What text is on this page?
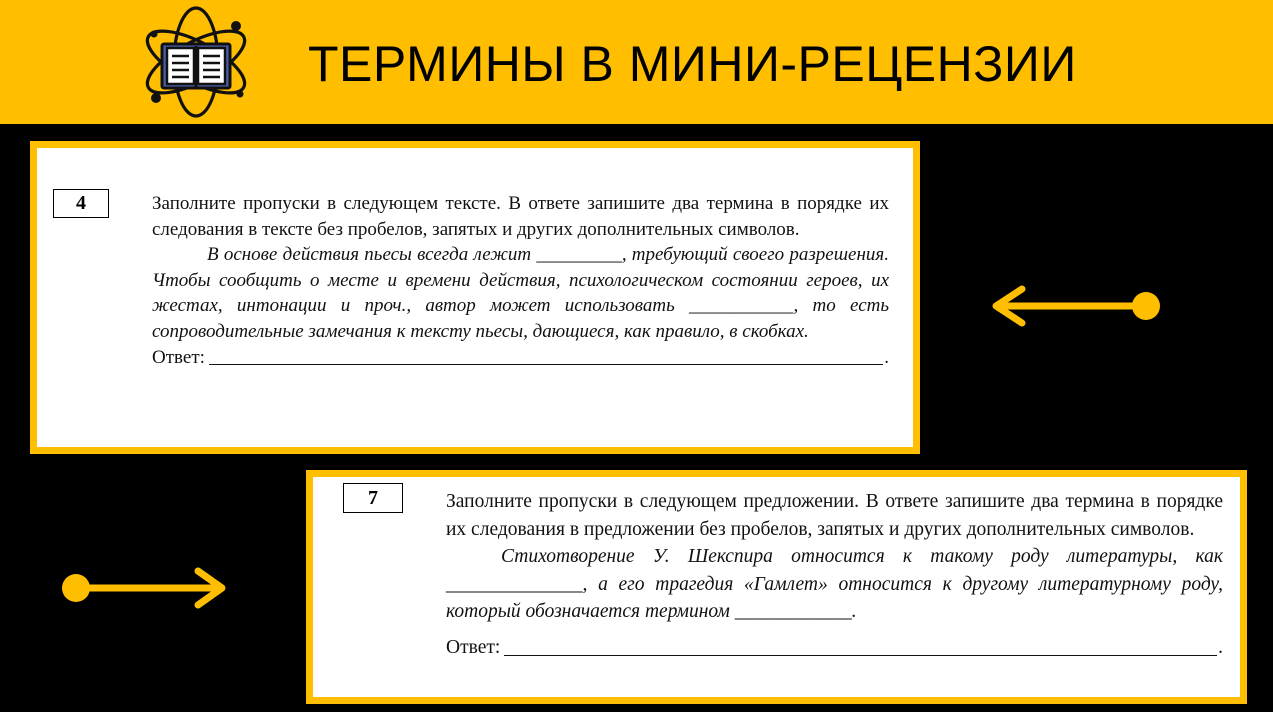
ТЕРМИНЫ В МИНИ-РЕЦЕНЗИИ
4	Заполните пропуски в следующем тексте. В ответе запишите два термина в порядке их следования в тексте без пробелов, запятых и других дополнительных символов.

В основе действия пьесы всегда лежит _________, требующий своего разрешения. Чтобы сообщить о месте и времени действия, психологическом состоянии героев, их жестах, интонации и проч., автор может использовать ___________, то есть сопроводительные замечания к тексту пьесы, дающиеся, как правило, в скобках.

Ответ:	.
7	Заполните пропуски в следующем предложении. В ответе запишите два термина в порядке их следования в предложении без пробелов, запятых и других дополнительных символов.

Стихотворение У. Шекспира относится к такому роду литературы, как ______________, а его трагедия «Гамлет» относится к другому литературному роду, который обозначается термином ____________.

Ответ:	.
